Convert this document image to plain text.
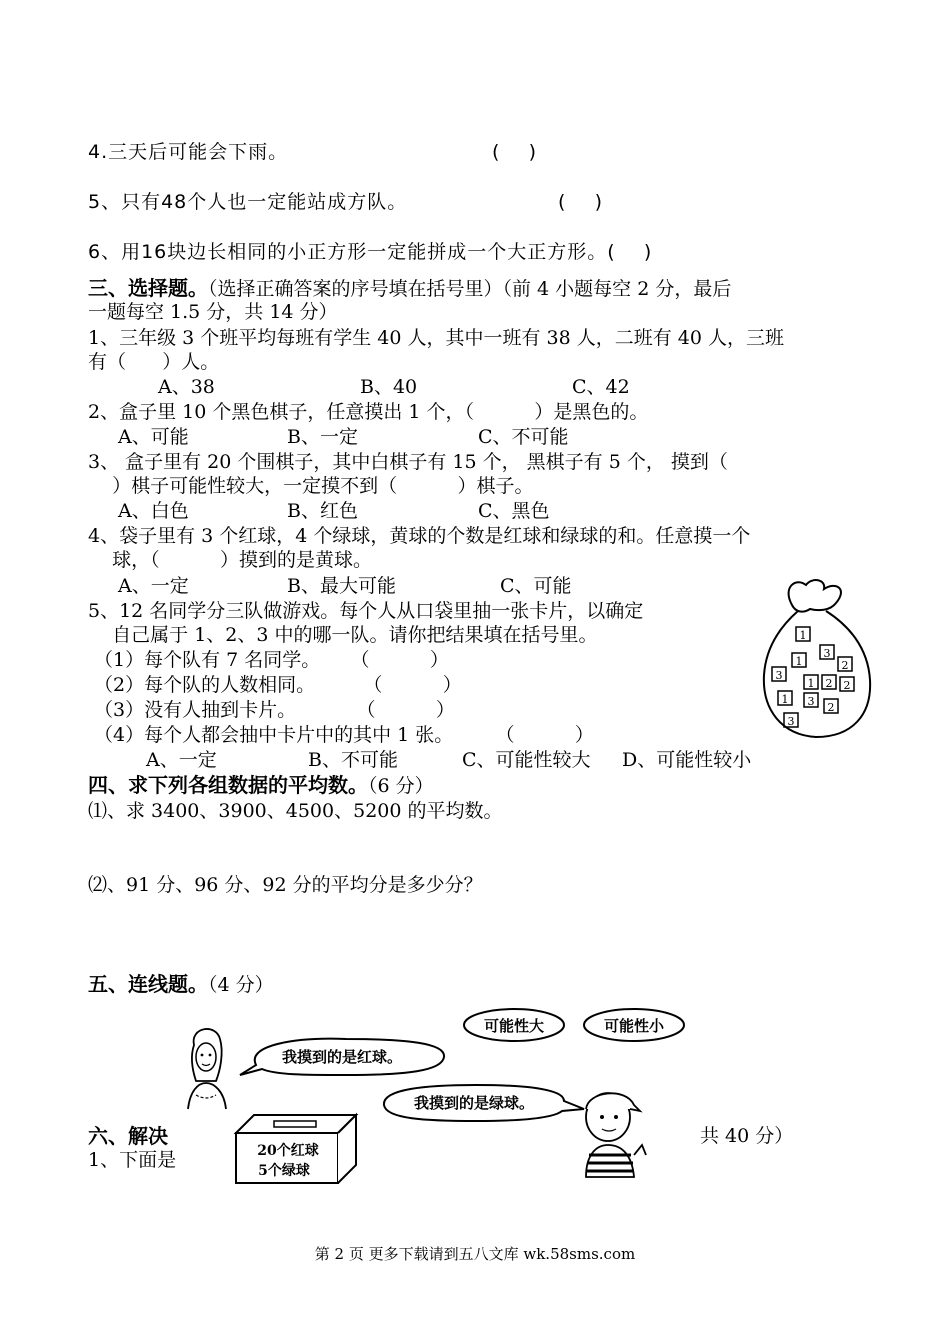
4.三天后可能会下雨。	(    )
5、只有48个人也一定能站成方队。	(    )
6、用16块边长相同的小正方形一定能拼成一个大正方形。(    )
三、选择题。（选择正确答案的序号填在括号里）（前 4 小题每空 2 分，最后
一题每空 1.5 分，共 14 分）
1、三年级 3 个班平均每班有学生 40 人，其中一班有 38 人，二班有 40 人，三班
有（      ）人。
A、38	B、40	C、42
2、盒子里 10 个黑色棋子，任意摸出 1 个，（          ）是黑色的。
A、可能	B、一定	C、不可能
3、 盒子里有 20 个围棋子，其中白棋子有 15 个， 黑棋子有 5 个， 摸到（
）棋子可能性较大，一定摸不到（          ）棋子。
A、白色	B、红色	C、黑色
4、袋子里有 3 个红球，4 个绿球，黄球的个数是红球和绿球的和。任意摸一个
球，（          ）摸到的是黄球。
A、一定	B、最大可能	C、可能
5、12 名同学分三队做游戏。每个人从口袋里抽一张卡片，以确定
自己属于 1、2、3 中的哪一队。请你把结果填在括号里。
（1）每个队有 7 名同学。     （          ）
（2）每个队的人数相同。        （          ）
（3）没有人抽到卡片。          （          ）
（4）每个人都会抽中卡片中的其中 1 张。       （          ）
A、一定	B、不可能	C、可能性较大 D、可能性较小
1
1
3
2
3
1 2 2
1 3 2
3
四、求下列各组数据的平均数。（6 分）
⑴、求 3400、3900、4500、5200 的平均数。
⑵、91 分、96 分、92 分的平均分是多少分？
五、连线题。（4 分）
六、解决	共 40 分）
1、下面是
可能性大	可能性小
我摸到的是红球。
我摸到的是绿球。
20个红球
5个绿球
第 2 页 更多下载请到五八文库 wk.58sms.com
